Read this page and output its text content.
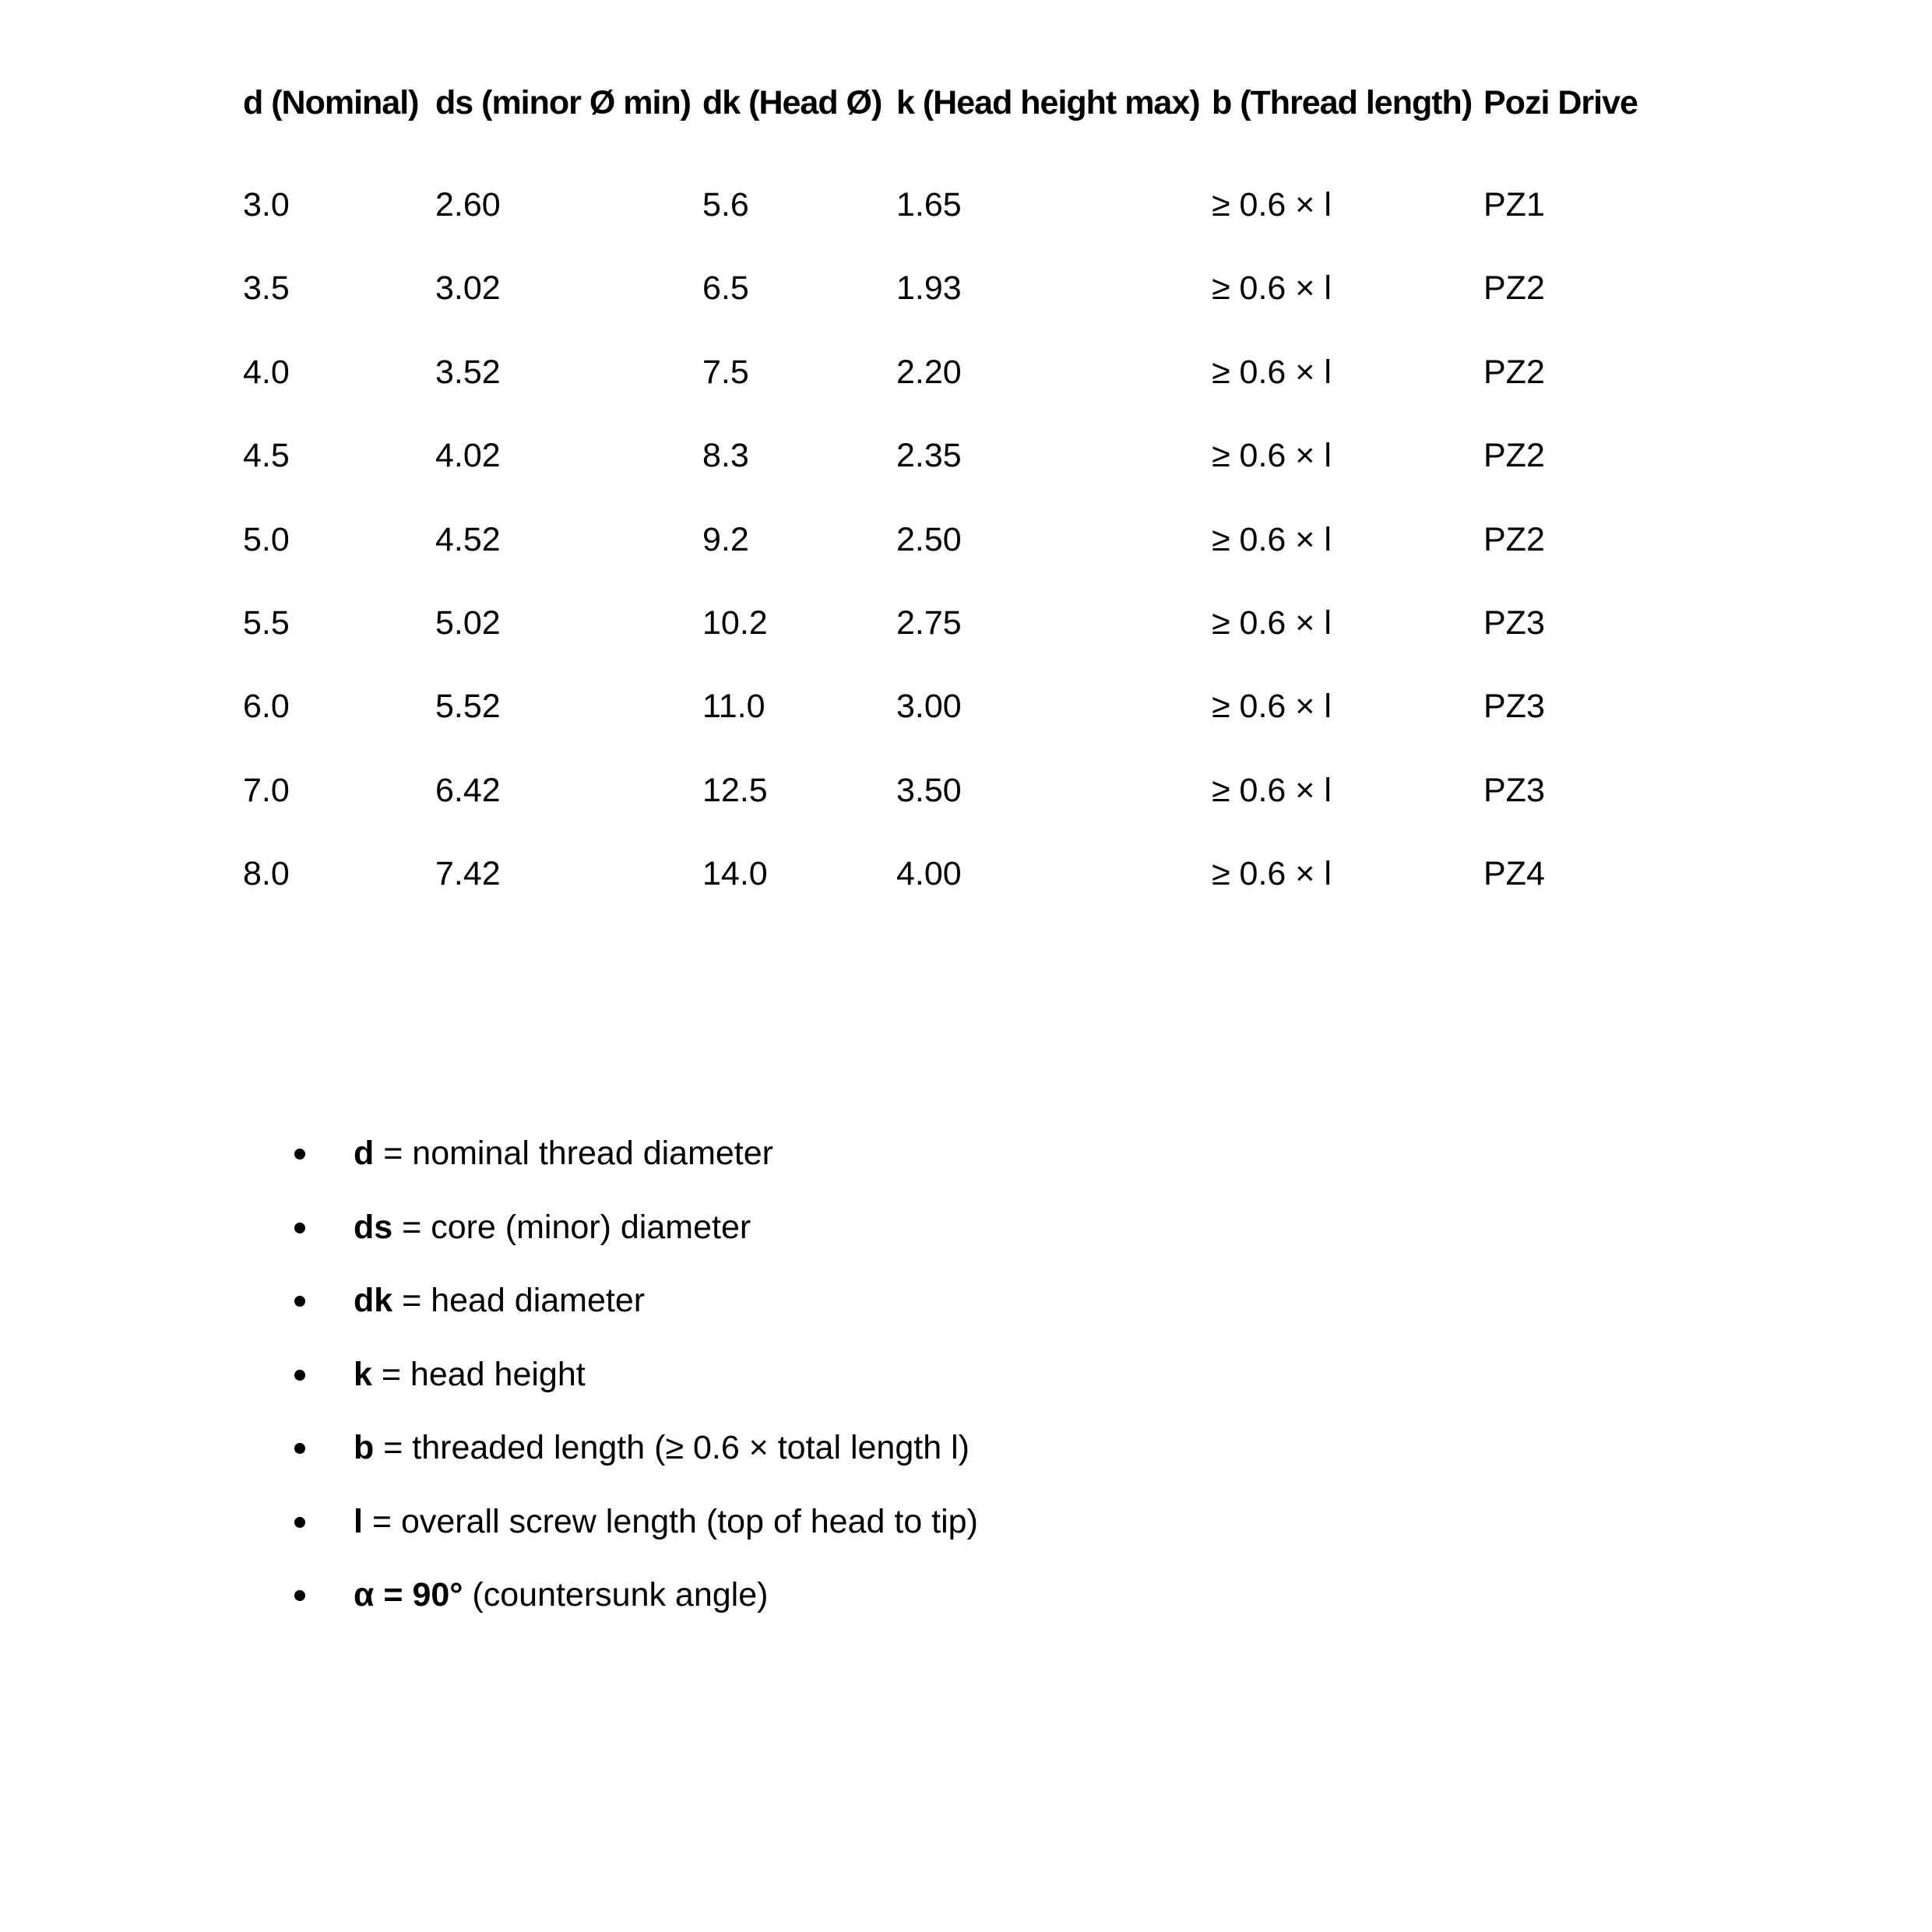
d (Nominal)	ds (minor Ø min)	dk (Head Ø)	k (Head height max)	b (Thread length)	Pozi Drive
3.0	2.60	5.6	1.65	≥ 0.6 × l	PZ1
3.5	3.02	6.5	1.93	≥ 0.6 × l	PZ2
4.0	3.52	7.5	2.20	≥ 0.6 × l	PZ2
4.5	4.02	8.3	2.35	≥ 0.6 × l	PZ2
5.0	4.52	9.2	2.50	≥ 0.6 × l	PZ2
5.5	5.02	10.2	2.75	≥ 0.6 × l	PZ3
6.0	5.52	11.0	3.00	≥ 0.6 × l	PZ3
7.0	6.42	12.5	3.50	≥ 0.6 × l	PZ3
8.0	7.42	14.0	4.00	≥ 0.6 × l	PZ4
d = nominal thread diameter
ds = core (minor) diameter
dk = head diameter
k = head height
b = threaded length (≥ 0.6 × total length l)
l = overall screw length (top of head to tip)
α = 90° (countersunk angle)
